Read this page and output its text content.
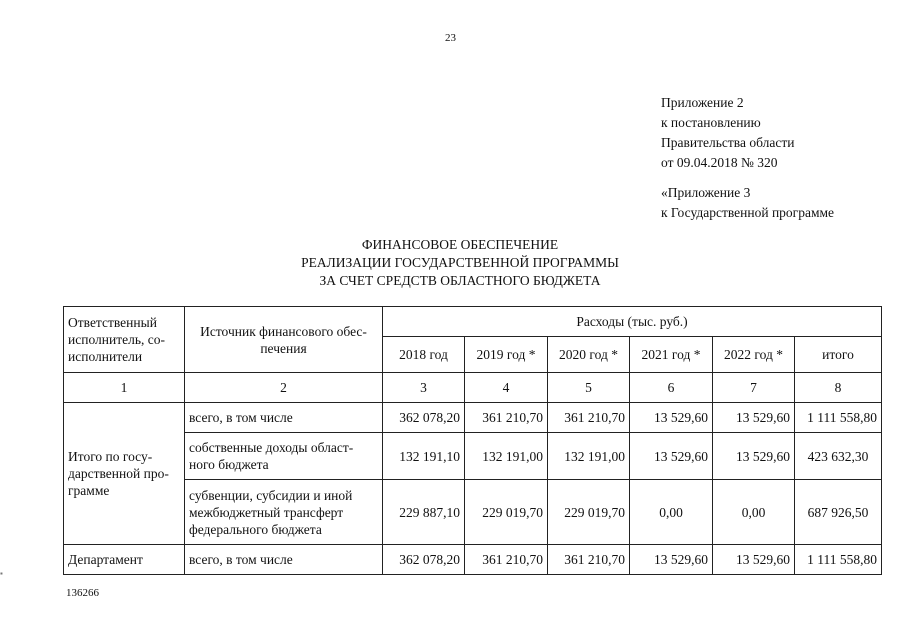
23
Приложение 2
к постановлению
Правительства области
от 09.04.2018 № 320
«Приложение 3
к Государственной программе
ФИНАНСОВОЕ ОБЕСПЕЧЕНИЕ
РЕАЛИЗАЦИИ ГОСУДАРСТВЕННОЙ ПРОГРАММЫ
ЗА СЧЕТ СРЕДСТВ ОБЛАСТНОГО БЮДЖЕТА
Ответственный исполнитель, со-исполнители	Источник финансового обес-печения	Расходы (тыс. руб.)					
		2018 год	2019 год *	2020 год *	2021 год *	2022 год *	итого
1	2	3	4	5	6	7	8
Итого по госу-дарственной про-грамме	всего, в том числе	362 078,20	361 210,70	361 210,70	13 529,60	13 529,60	1 111 558,80
	собственные доходы област-ного бюджета	132 191,10	132 191,00	132 191,00	13 529,60	13 529,60	423 632,30
	субвенции, субсидии и иной межбюджетный трансферт федерального бюджета	229 887,10	229 019,70	229 019,70	0,00	0,00	687 926,50
Департамент	всего, в том числе	362 078,20	361 210,70	361 210,70	13 529,60	13 529,60	1 111 558,80
▪
136266
